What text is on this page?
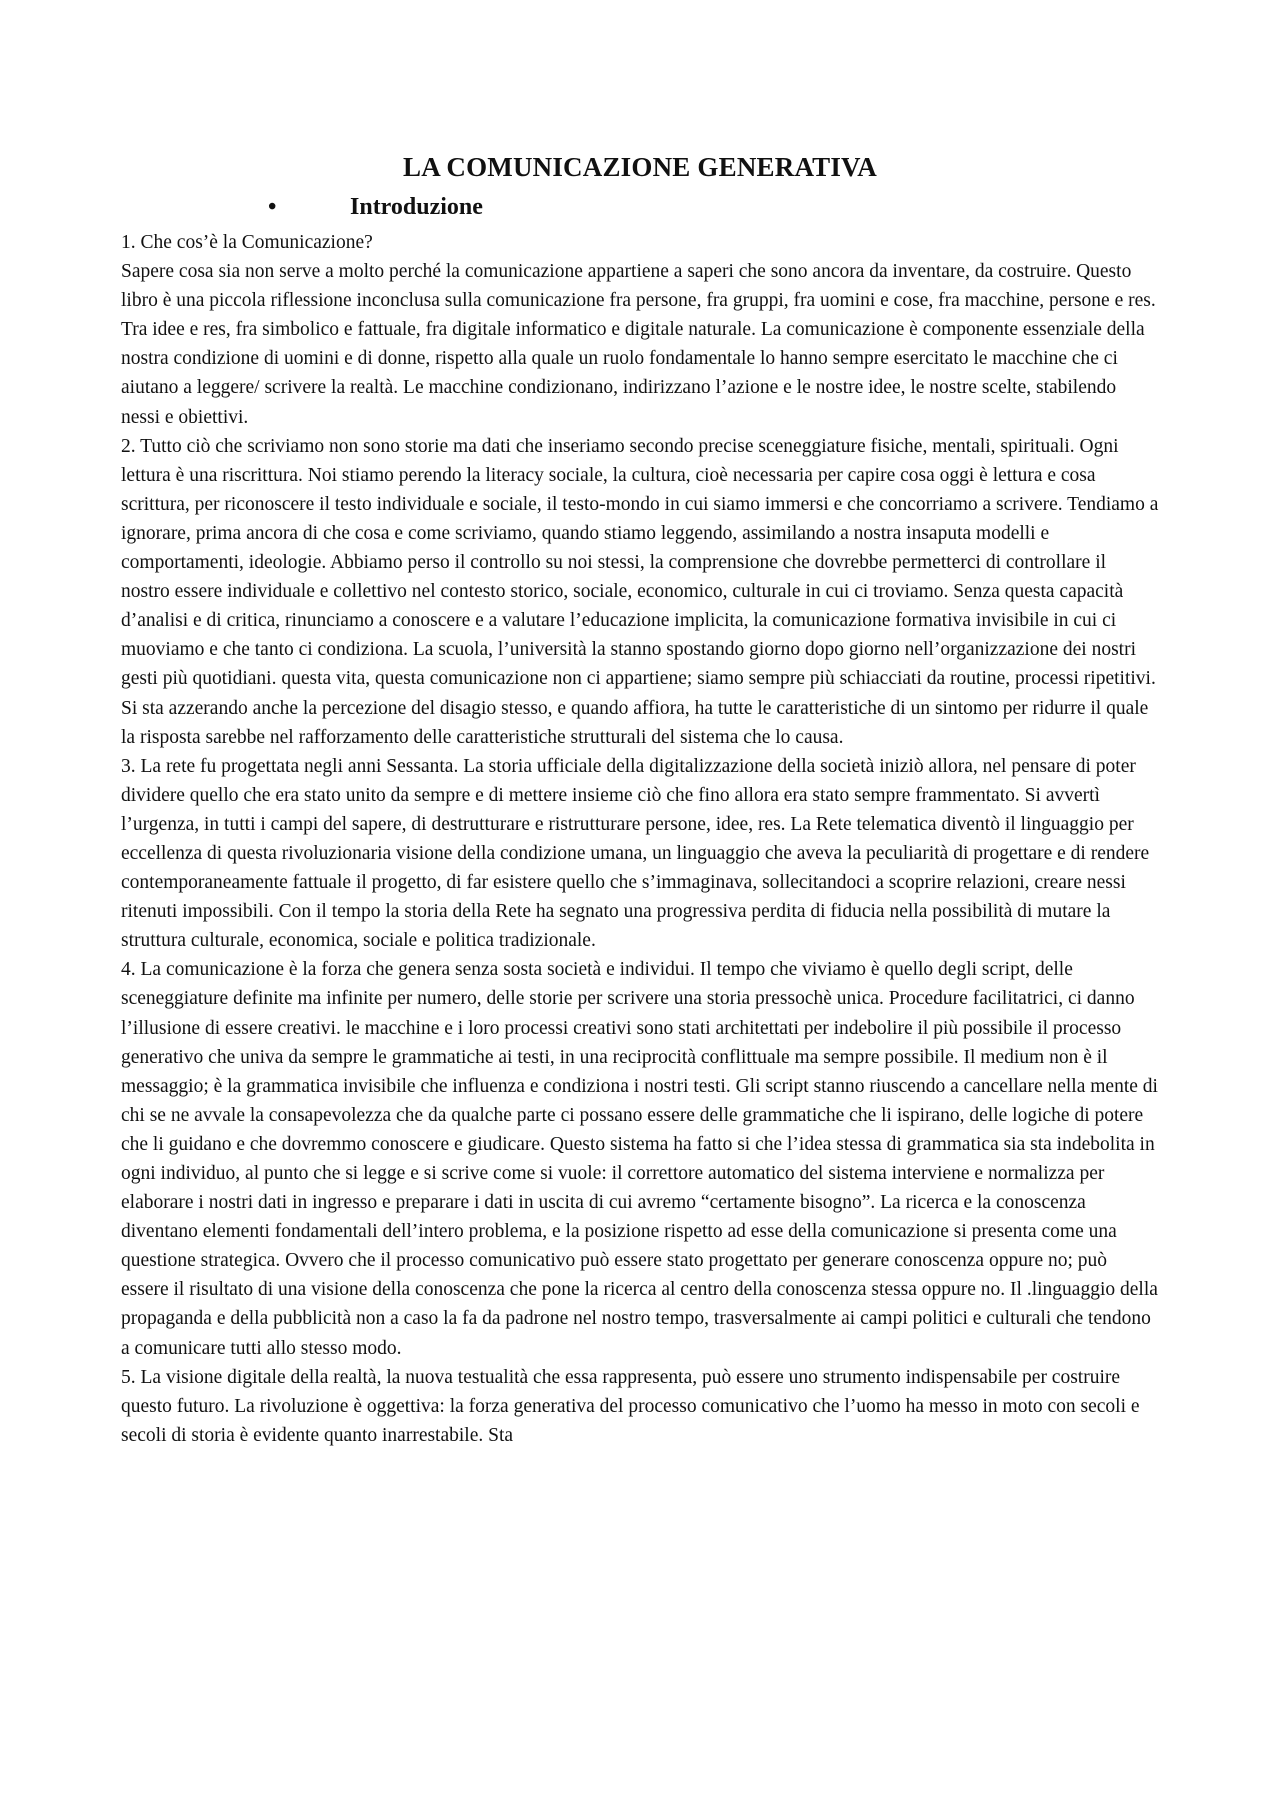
LA COMUNICAZIONE GENERATIVA
•	Introduzione

1. Che cos’è la Comunicazione?

Sapere cosa sia non serve a molto perché la comunicazione appartiene a saperi che sono ancora da inventare, da costruire. Questo libro è una piccola riflessione inconclusa sulla comunicazione fra persone, fra gruppi, fra uomini e cose, fra macchine, persone e res. Tra idee e res, fra simbolico e fattuale, fra digitale informatico e digitale naturale. La comunicazione è componente essenziale della nostra condizione di uomini e di donne, rispetto alla quale un ruolo fondamentale lo hanno sempre esercitato le macchine che ci aiutano a leggere/ scrivere la realtà. Le macchine condizionano, indirizzano l’azione e le nostre idee, le nostre scelte, stabilendo nessi e obiettivi.

2. Tutto ciò che scriviamo non sono storie ma dati che inseriamo secondo precise sceneggiature fisiche, mentali, spirituali. Ogni lettura è una riscrittura. Noi stiamo perendo la literacy sociale, la cultura, cioè necessaria per capire cosa oggi è lettura e cosa scrittura, per riconoscere il testo individuale e sociale, il testo-mondo in cui siamo immersi e che concorriamo a scrivere. Tendiamo a ignorare, prima ancora di che cosa e come scriviamo, quando stiamo leggendo, assimilando a nostra insaputa modelli e comportamenti, ideologie. Abbiamo perso il controllo su noi stessi, la comprensione che dovrebbe permetterci di controllare il nostro essere individuale e collettivo nel contesto storico, sociale, economico, culturale in cui ci troviamo. Senza questa capacità d’analisi e di critica, rinunciamo a conoscere e a valutare l’educazione implicita, la comunicazione formativa invisibile in cui ci muoviamo e che tanto ci condiziona. La scuola, l’università la stanno spostando giorno dopo giorno nell’organizzazione dei nostri gesti più quotidiani. questa vita, questa comunicazione non ci appartiene; siamo sempre più schiacciati da routine, processi ripetitivi. Si sta azzerando anche la percezione del disagio stesso, e quando affiora, ha tutte le caratteristiche di un sintomo per ridurre il quale la risposta sarebbe nel rafforzamento delle caratteristiche strutturali del sistema che lo causa.

3. La rete fu progettata negli anni Sessanta. La storia ufficiale della digitalizzazione della società iniziò allora, nel pensare di poter dividere quello che era stato unito da sempre e di mettere insieme ciò che fino allora era stato sempre frammentato. Si avvertì l’urgenza, in tutti i campi del sapere, di destrutturare e ristrutturare persone, idee, res. La Rete telematica diventò il linguaggio per eccellenza di questa rivoluzionaria visione della condizione umana, un linguaggio che aveva la peculiarità di progettare e di rendere contemporaneamente fattuale il progetto, di far esistere quello che s’immaginava, sollecitandoci a scoprire relazioni, creare nessi ritenuti impossibili. Con il tempo la storia della Rete ha segnato una progressiva perdita di fiducia nella possibilità di mutare la struttura culturale, economica, sociale e politica tradizionale.

4. La comunicazione è la forza che genera senza sosta società e individui. Il tempo che viviamo è quello degli script, delle sceneggiature definite ma infinite per numero, delle storie per scrivere una storia pressochè unica. Procedure facilitatrici, ci danno l’illusione di essere creativi. le macchine e i loro processi creativi sono stati architettati per indebolire il più possibile il processo generativo che univa da sempre le grammatiche ai testi, in una reciprocità conflittuale ma sempre possibile. Il medium non è il messaggio; è la grammatica invisibile che influenza e condiziona i nostri testi. Gli script stanno riuscendo a cancellare nella mente di chi se ne avvale la consapevolezza che da qualche parte ci possano essere delle grammatiche che li ispirano, delle logiche di potere che li guidano e che dovremmo conoscere e giudicare. Questo sistema ha fatto si che l’idea stessa di grammatica sia sta indebolita in ogni individuo, al punto che si legge e si scrive come si vuole: il correttore automatico del sistema interviene e normalizza per elaborare i nostri dati in ingresso e preparare i dati in uscita di cui avremo “certamente bisogno”. La ricerca e la conoscenza diventano elementi fondamentali dell’intero problema, e la posizione rispetto ad esse della comunicazione si presenta come una questione strategica. Ovvero che il processo comunicativo può essere stato progettato per generare conoscenza oppure no; può essere il risultato di una visione della conoscenza che pone la ricerca al centro della conoscenza stessa oppure no. Il .linguaggio della propaganda e della pubblicità non a caso la fa da padrone nel nostro tempo, trasversalmente ai campi politici e culturali che tendono a comunicare tutti allo stesso modo.

5. La visione digitale della realtà, la nuova testualità che essa rappresenta, può essere uno strumento indispensabile per costruire questo futuro. La rivoluzione è oggettiva: la forza generativa del processo comunicativo che l’uomo ha messo in moto con secoli e secoli di storia è evidente quanto inarrestabile. Sta
